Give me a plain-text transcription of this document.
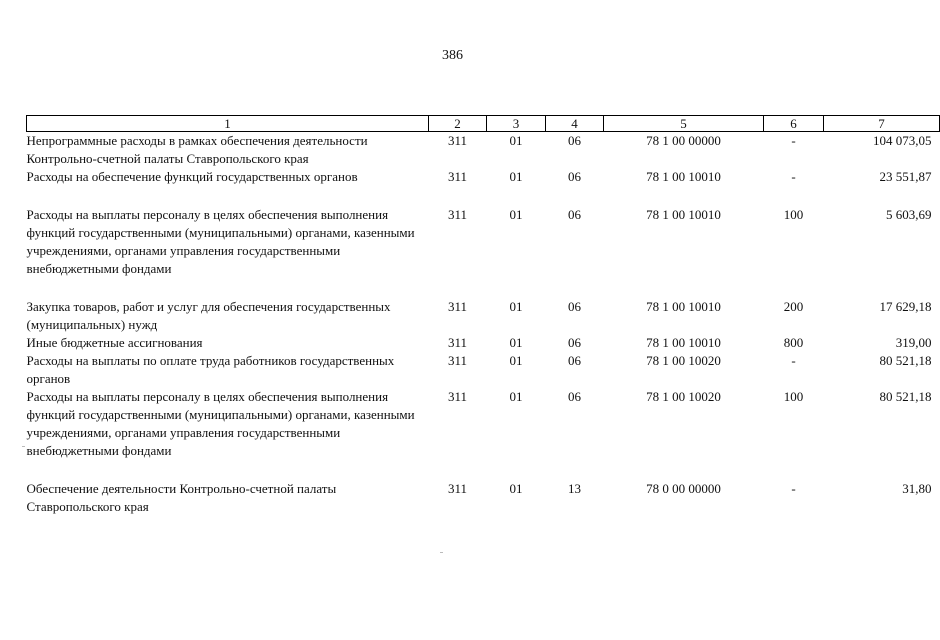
386
1	2	3	4	5	6	7
Непрограммные расходы в рамках обеспечения деятельности Контрольно-счетной палаты Ставропольского края	311	01	06	78 1 00 00000	-	104 073,05
Расходы на обеспечение функций государственных органов	311	01	06	78 1 00 10010	-	23 551,87
Расходы на выплаты персоналу в целях обеспечения выполнения функций государственными (муниципальными) органами, казенными учреждениями, органами управления государственными внебюджетными фондами	311	01	06	78 1 00 10010	100	5 603,69
Закупка товаров, работ и услуг для обеспечения государственных (муниципальных) нужд	311	01	06	78 1 00 10010	200	17 629,18
Иные бюджетные ассигнования	311	01	06	78 1 00 10010	800	319,00
Расходы на выплаты по оплате труда работников государственных органов	311	01	06	78 1 00 10020	-	80 521,18
Расходы на выплаты персоналу в целях обеспечения выполнения функций государственными (муниципальными) органами, казенными учреждениями, органами управления государственными внебюджетными фондами	311	01	06	78 1 00 10020	100	80 521,18
Обеспечение деятельности Контрольно-счетной палаты Ставропольского края	311	01	13	78 0 00 00000	-	31,80
